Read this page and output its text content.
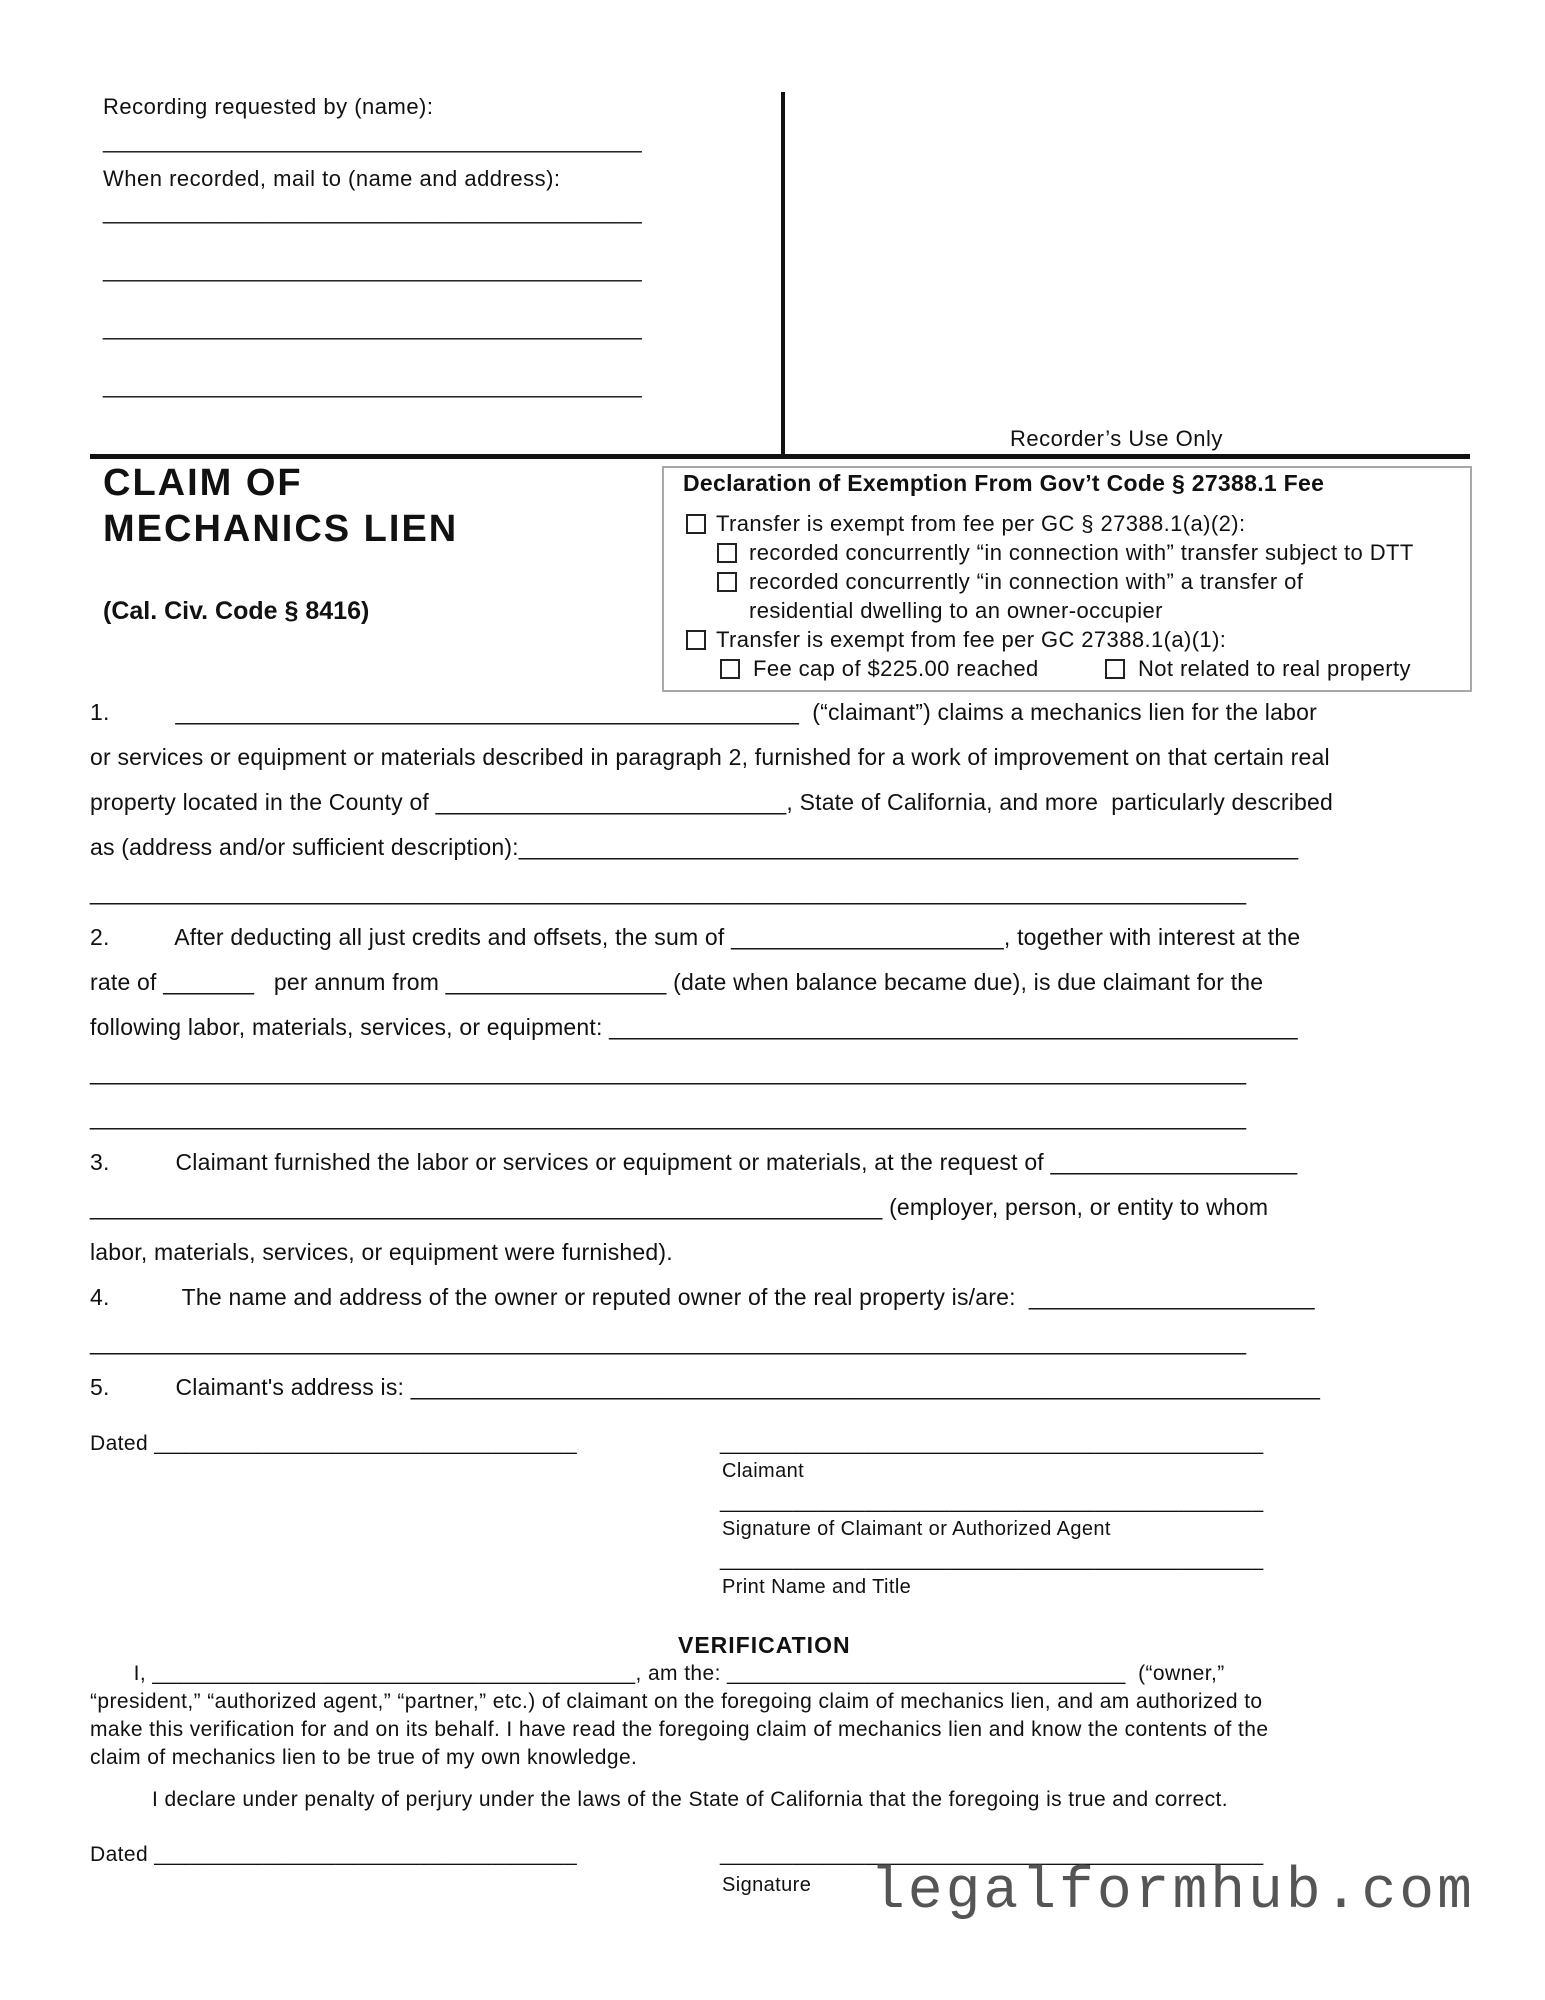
Recording requested by (name):
___________________________________________
When recorded, mail to (name and address):
___________________________________________
___________________________________________
___________________________________________
___________________________________________
Recorder’s Use Only
CLAIM OF
MECHANICS LIEN
(Cal. Civ. Code § 8416)
Declaration of Exemption From Gov’t Code § 27388.1 Fee
Transfer is exempt from fee per GC § 27388.1(a)(2):
recorded concurrently “in connection with” transfer subject to DTT
recorded concurrently “in connection with” a transfer of
residential dwelling to an owner-occupier
Transfer is exempt from fee per GC 27388.1(a)(1):
Fee cap of $225.00 reached	Not related to real property
1.          ________________________________________________  (“claimant”) claims a mechanics lien for the labor
or services or equipment or materials described in paragraph 2, furnished for a work of improvement on that certain real
property located in the County of ___________________________, State of California, and more  particularly described
as (address and/or sufficient description):____________________________________________________________
_________________________________________________________________________________________
2.          After deducting all just credits and offsets, the sum of _____________________, together with interest at the
rate of _______   per annum from _________________ (date when balance became due), is due claimant for the
following labor, materials, services, or equipment: _____________________________________________________
_________________________________________________________________________________________
_________________________________________________________________________________________
3.          Claimant furnished the labor or services or equipment or materials, at the request of ___________________
_____________________________________________________________ (employer, person, or entity to whom
labor, materials, services, or equipment were furnished).
4.           The name and address of the owner or reputed owner of the real property is/are:  ______________________
_________________________________________________________________________________________
5.          Claimant's address is: ______________________________________________________________________
Dated ___________________________________	_____________________________________________
Claimant
_____________________________________________
Signature of Claimant or Authorized Agent
_____________________________________________
Print Name and Title
VERIFICATION
I, ________________________________________, am the: _________________________________  (“owner,”
“president,” “authorized agent,” “partner,” etc.) of claimant on the foregoing claim of mechanics lien, and am authorized to
make this verification for and on its behalf. I have read the foregoing claim of mechanics lien and know the contents of the
claim of mechanics lien to be true of my own knowledge.
I declare under penalty of perjury under the laws of the State of California that the foregoing is true and correct.
Dated ___________________________________	_____________________________________________
Signature legalformhub.com
